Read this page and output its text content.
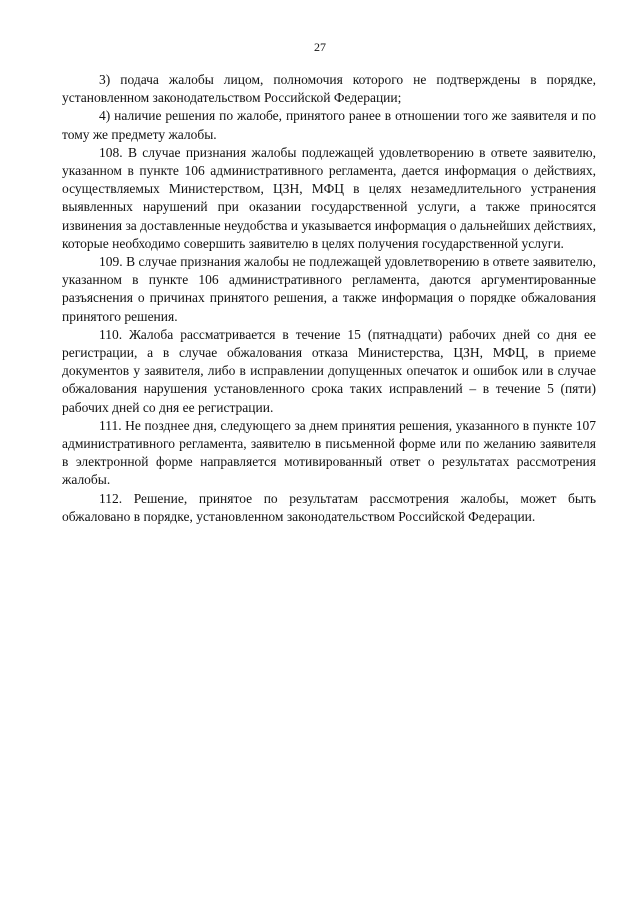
27

3) подача жалобы лицом, полномочия которого не подтверждены в порядке, установленном законодательством Российской Федерации;

4) наличие решения по жалобе, принятого ранее в отношении того же заявителя и по тому же предмету жалобы.

108. В случае признания жалобы подлежащей удовлетворению в ответе заявителю, указанном в пункте 106 административного регламента, дается информация о действиях, осуществляемых Министерством, ЦЗН, МФЦ в целях незамедлительного устранения выявленных нарушений при оказании государственной услуги, а также приносятся извинения за доставленные неудобства и указывается информация о дальнейших действиях, которые необходимо совершить заявителю в целях получения государственной услуги.

109. В случае признания жалобы не подлежащей удовлетворению в ответе заявителю, указанном в пункте 106 административного регламента, даются аргументированные разъяснения о причинах принятого решения, а также информация о порядке обжалования принятого решения.

110. Жалоба рассматривается в течение 15 (пятнадцати) рабочих дней со дня ее регистрации, а в случае обжалования отказа Министерства, ЦЗН, МФЦ, в приеме документов у заявителя, либо в исправлении допущенных опечаток и ошибок или в случае обжалования нарушения установленного срока таких исправлений – в течение 5 (пяти) рабочих дней со дня ее регистрации.

111. Не позднее дня, следующего за днем принятия решения, указанного в пункте 107 административного регламента, заявителю в письменной форме или по желанию заявителя в электронной форме направляется мотивированный ответ о результатах рассмотрения жалобы.

112. Решение, принятое по результатам рассмотрения жалобы, может быть обжаловано в порядке, установленном законодательством Российской Федерации.
